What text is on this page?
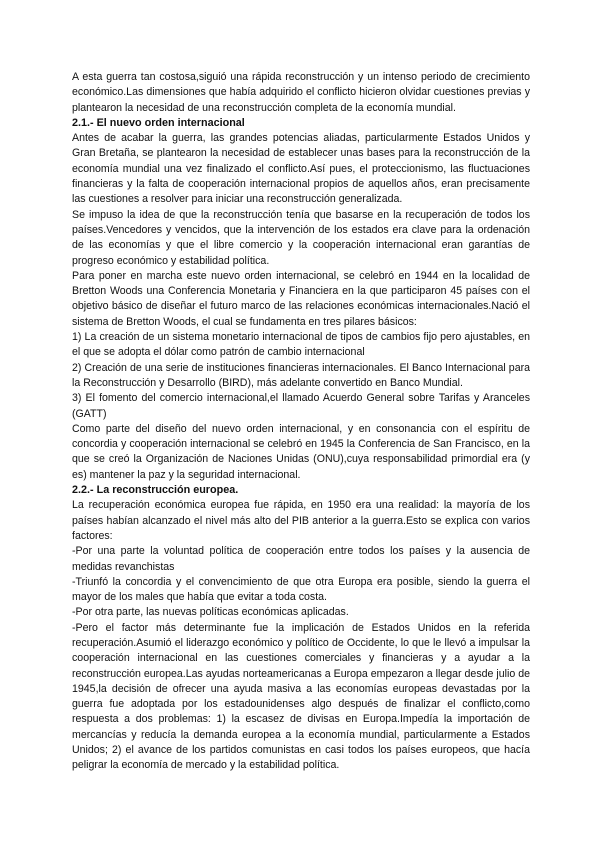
A esta guerra tan costosa,siguió una rápida reconstrucción y un intenso periodo de crecimiento económico.Las dimensiones que había adquirido el conflicto hicieron olvidar cuestiones previas y plantearon la necesidad de una reconstrucción completa de la economía mundial.

2.1.- El nuevo orden internacional

Antes de acabar la guerra, las grandes potencias aliadas, particularmente Estados Unidos y Gran Bretaña, se plantearon la necesidad de establecer unas bases para la reconstrucción de la economía mundial una vez finalizado el conflicto.Así pues, el proteccionismo, las fluctuaciones financieras y la falta de cooperación internacional propios de aquellos años, eran precisamente las cuestiones a resolver para iniciar una reconstrucción generalizada.

Se impuso la idea de que la reconstrucción tenía que basarse en la recuperación de todos los países.Vencedores y vencidos, que la intervención de los estados era clave para la ordenación de las economías y que el libre comercio y la cooperación internacional eran garantías de progreso económico y estabilidad política.

Para poner en marcha este nuevo orden internacional, se celebró en 1944 en la localidad de Bretton Woods una Conferencia Monetaria y Financiera en la que participaron 45 países con el objetivo básico de diseñar el futuro marco de las relaciones económicas internacionales.Nació el sistema de Bretton Woods, el cual se fundamenta en tres pilares básicos:

1) La creación de un sistema monetario internacional de tipos de cambios fijo pero ajustables, en el que se adopta el dólar como patrón de cambio internacional

2) Creación de una serie de instituciones financieras internacionales. El Banco Internacional para la Reconstrucción y Desarrollo (BIRD), más adelante convertido en Banco Mundial.

3) El fomento del comercio internacional,el llamado Acuerdo General sobre Tarifas y Aranceles (GATT)

Como parte del diseño del nuevo orden internacional, y en consonancia con el espíritu de concordia y cooperación internacional se celebró en 1945 la Conferencia de San Francisco, en la que se creó la Organización de Naciones Unidas (ONU),cuya responsabilidad primordial era (y es) mantener la paz y la seguridad internacional.

2.2.- La reconstrucción europea.

La recuperación económica europea fue rápida, en 1950 era una realidad: la mayoría de los países habían alcanzado el nivel más alto del PIB anterior a la guerra.Esto se explica con varios factores:

-Por una parte la voluntad política de cooperación entre todos los países y la ausencia de medidas revanchistas

-Triunfó la concordia y el convencimiento de que otra Europa era posible, siendo la guerra el mayor de los males que había que evitar a toda costa.

-Por otra parte, las nuevas políticas económicas aplicadas.

-Pero el factor más determinante fue la implicación de Estados Unidos en la referida recuperación.Asumió el liderazgo económico y político de Occidente, lo que le llevó a impulsar la cooperación internacional en las cuestiones comerciales y financieras y a ayudar a la reconstrucción europea.Las ayudas norteamericanas a Europa empezaron a llegar desde julio de 1945,la decisión de ofrecer una ayuda masiva a las economías europeas devastadas por la guerra fue adoptada por los estadounidenses algo después de finalizar el conflicto,como respuesta a dos problemas: 1) la escasez de divisas en Europa.Impedía la importación de mercancías y reducía la demanda europea a la economía mundial, particularmente a Estados Unidos; 2) el avance de los partidos comunistas en casi todos los países europeos, que hacía peligrar la economía de mercado y la estabilidad política.
